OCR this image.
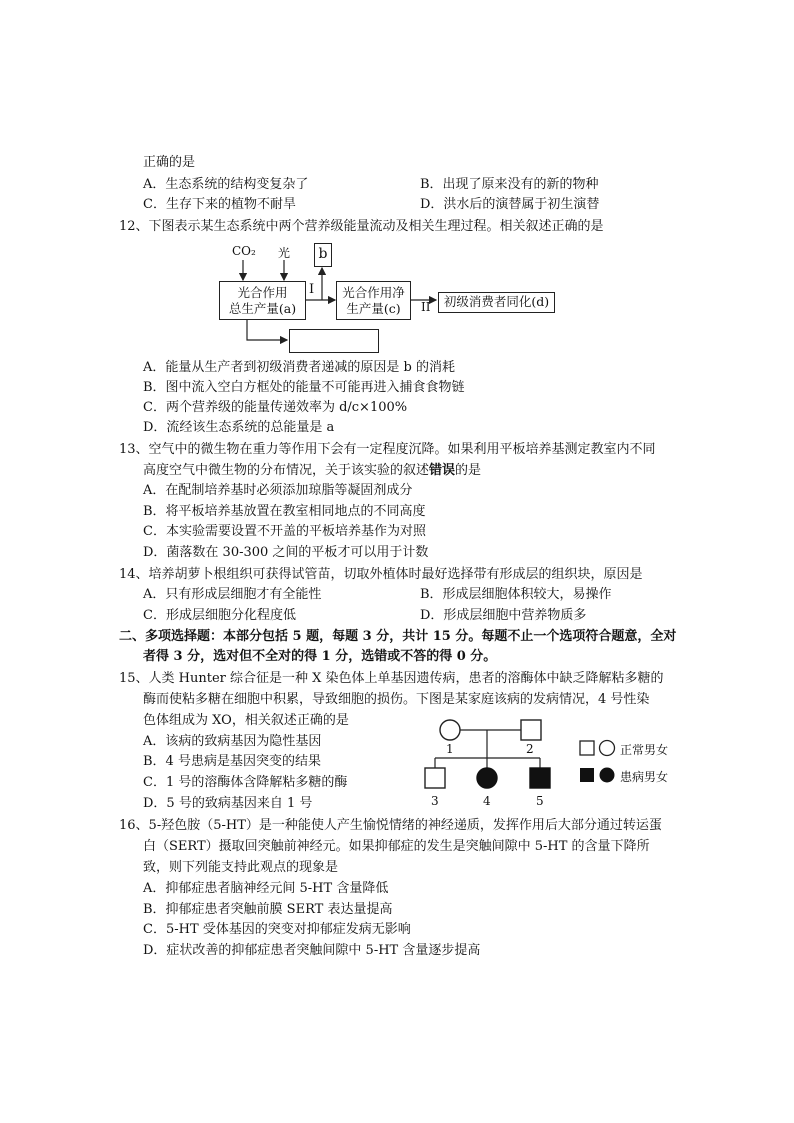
正确的是
A．生态系统的结构变复杂了	B．出现了原来没有的新的物种
C．生存下来的植物不耐旱	D．洪水后的演替属于初生演替
12、下图表示某生态系统中两个营养级能量流动及相关生理过程。相关叙述正确的是
CO₂ 光
光合作用
总生产量(a)
b
I	光合作用净
生产量(c)	II	初级消费者同化(d)
A．能量从生产者到初级消费者递减的原因是 b 的消耗
B．图中流入空白方框处的能量不可能再进入捕食食物链
C．两个营养级的能量传递效率为 d/c×100%
D．流经该生态系统的总能量是 a
13、空气中的微生物在重力等作用下会有一定程度沉降。如果利用平板培养基测定教室内不同
高度空气中微生物的分布情况，关于该实验的叙述错误的是
A．在配制培养基时必须添加琼脂等凝固剂成分
B．将平板培养基放置在教室相同地点的不同高度
C．本实验需要设置不开盖的平板培养基作为对照
D．菌落数在 30-300 之间的平板才可以用于计数
14、培养胡萝卜根组织可获得试管苗，切取外植体时最好选择带有形成层的组织块，原因是
A．只有形成层细胞才有全能性	B．形成层细胞体积较大，易操作
C．形成层细胞分化程度低	D．形成层细胞中营养物质多
二、多项选择题：本部分包括 5 题，每题 3 分，共计 15 分。每题不止一个选项符合题意，全对
者得 3 分，选对但不全对的得 1 分，选错或不答的得 0 分。
15、人类 Hunter 综合征是一种 X 染色体上单基因遗传病，患者的溶酶体中缺乏降解粘多糖的
酶而使粘多糖在细胞中积累，导致细胞的损伤。下图是某家庭该病的发病情况，4 号性染
色体组成为 XO，相关叙述正确的是
A．该病的致病基因为隐性基因
B．4 号患病是基因突变的结果
C．1 号的溶酶体含降解粘多糖的酶
D．5 号的致病基因来自 1 号
1	2
3	4	5
正常男女
患病男女
16、5-羟色胺（5-HT）是一种能使人产生愉悦情绪的神经递质，发挥作用后大部分通过转运蛋
白（SERT）摄取回突触前神经元。如果抑郁症的发生是突触间隙中 5-HT 的含量下降所
致，则下列能支持此观点的现象是
A．抑郁症患者脑神经元间 5-HT 含量降低
B．抑郁症患者突触前膜 SERT 表达量提高
C．5-HT 受体基因的突变对抑郁症发病无影响
D．症状改善的抑郁症患者突触间隙中 5-HT 含量逐步提高
